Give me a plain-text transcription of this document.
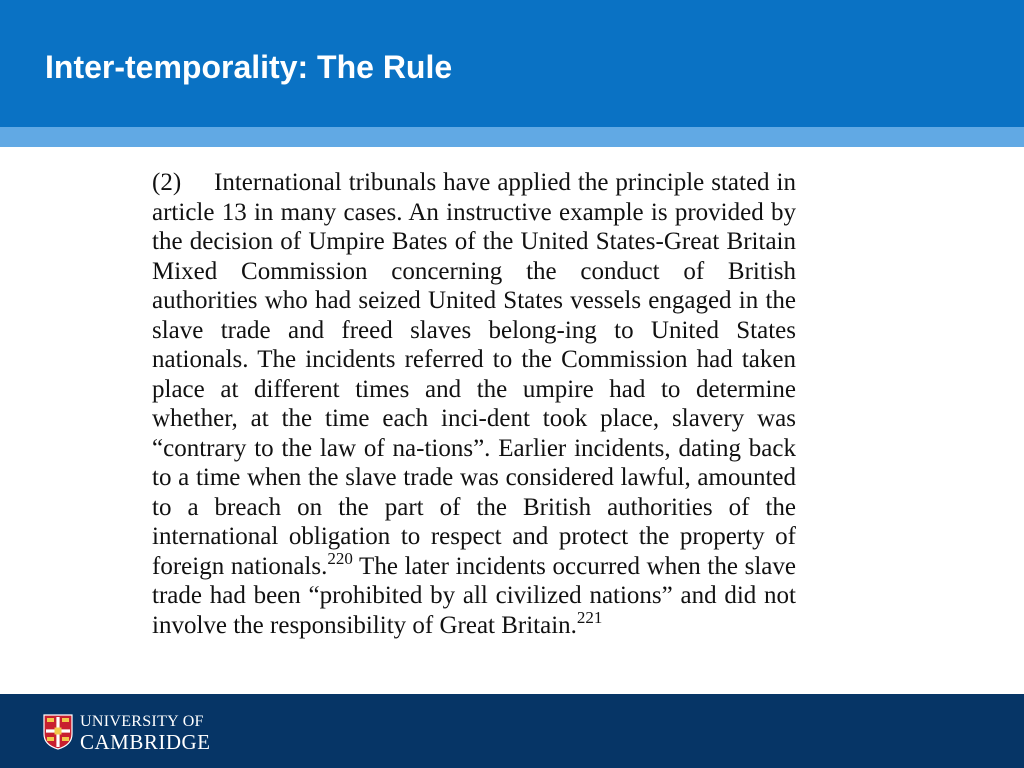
Inter-temporality: The Rule

(2) International tribunals have applied the principle stated in article 13 in many cases. An instructive example is provided by the decision of Umpire Bates of the United States-Great Britain Mixed Commission concerning the conduct of British authorities who had seized United States vessels engaged in the slave trade and freed slaves belong-ing to United States nationals. The incidents referred to the Commission had taken place at different times and the umpire had to determine whether, at the time each inci-dent took place, slavery was “contrary to the law of na-tions”. Earlier incidents, dating back to a time when the slave trade was considered lawful, amounted to a breach on the part of the British authorities of the international obligation to respect and protect the property of foreign nationals.$^{220}$ The later incidents occurred when the slave trade had been “prohibited by all civilized nations” and did not involve the responsibility of Great Britain.$^{221}$

UNIVERSITY OF
CAMBRIDGE
